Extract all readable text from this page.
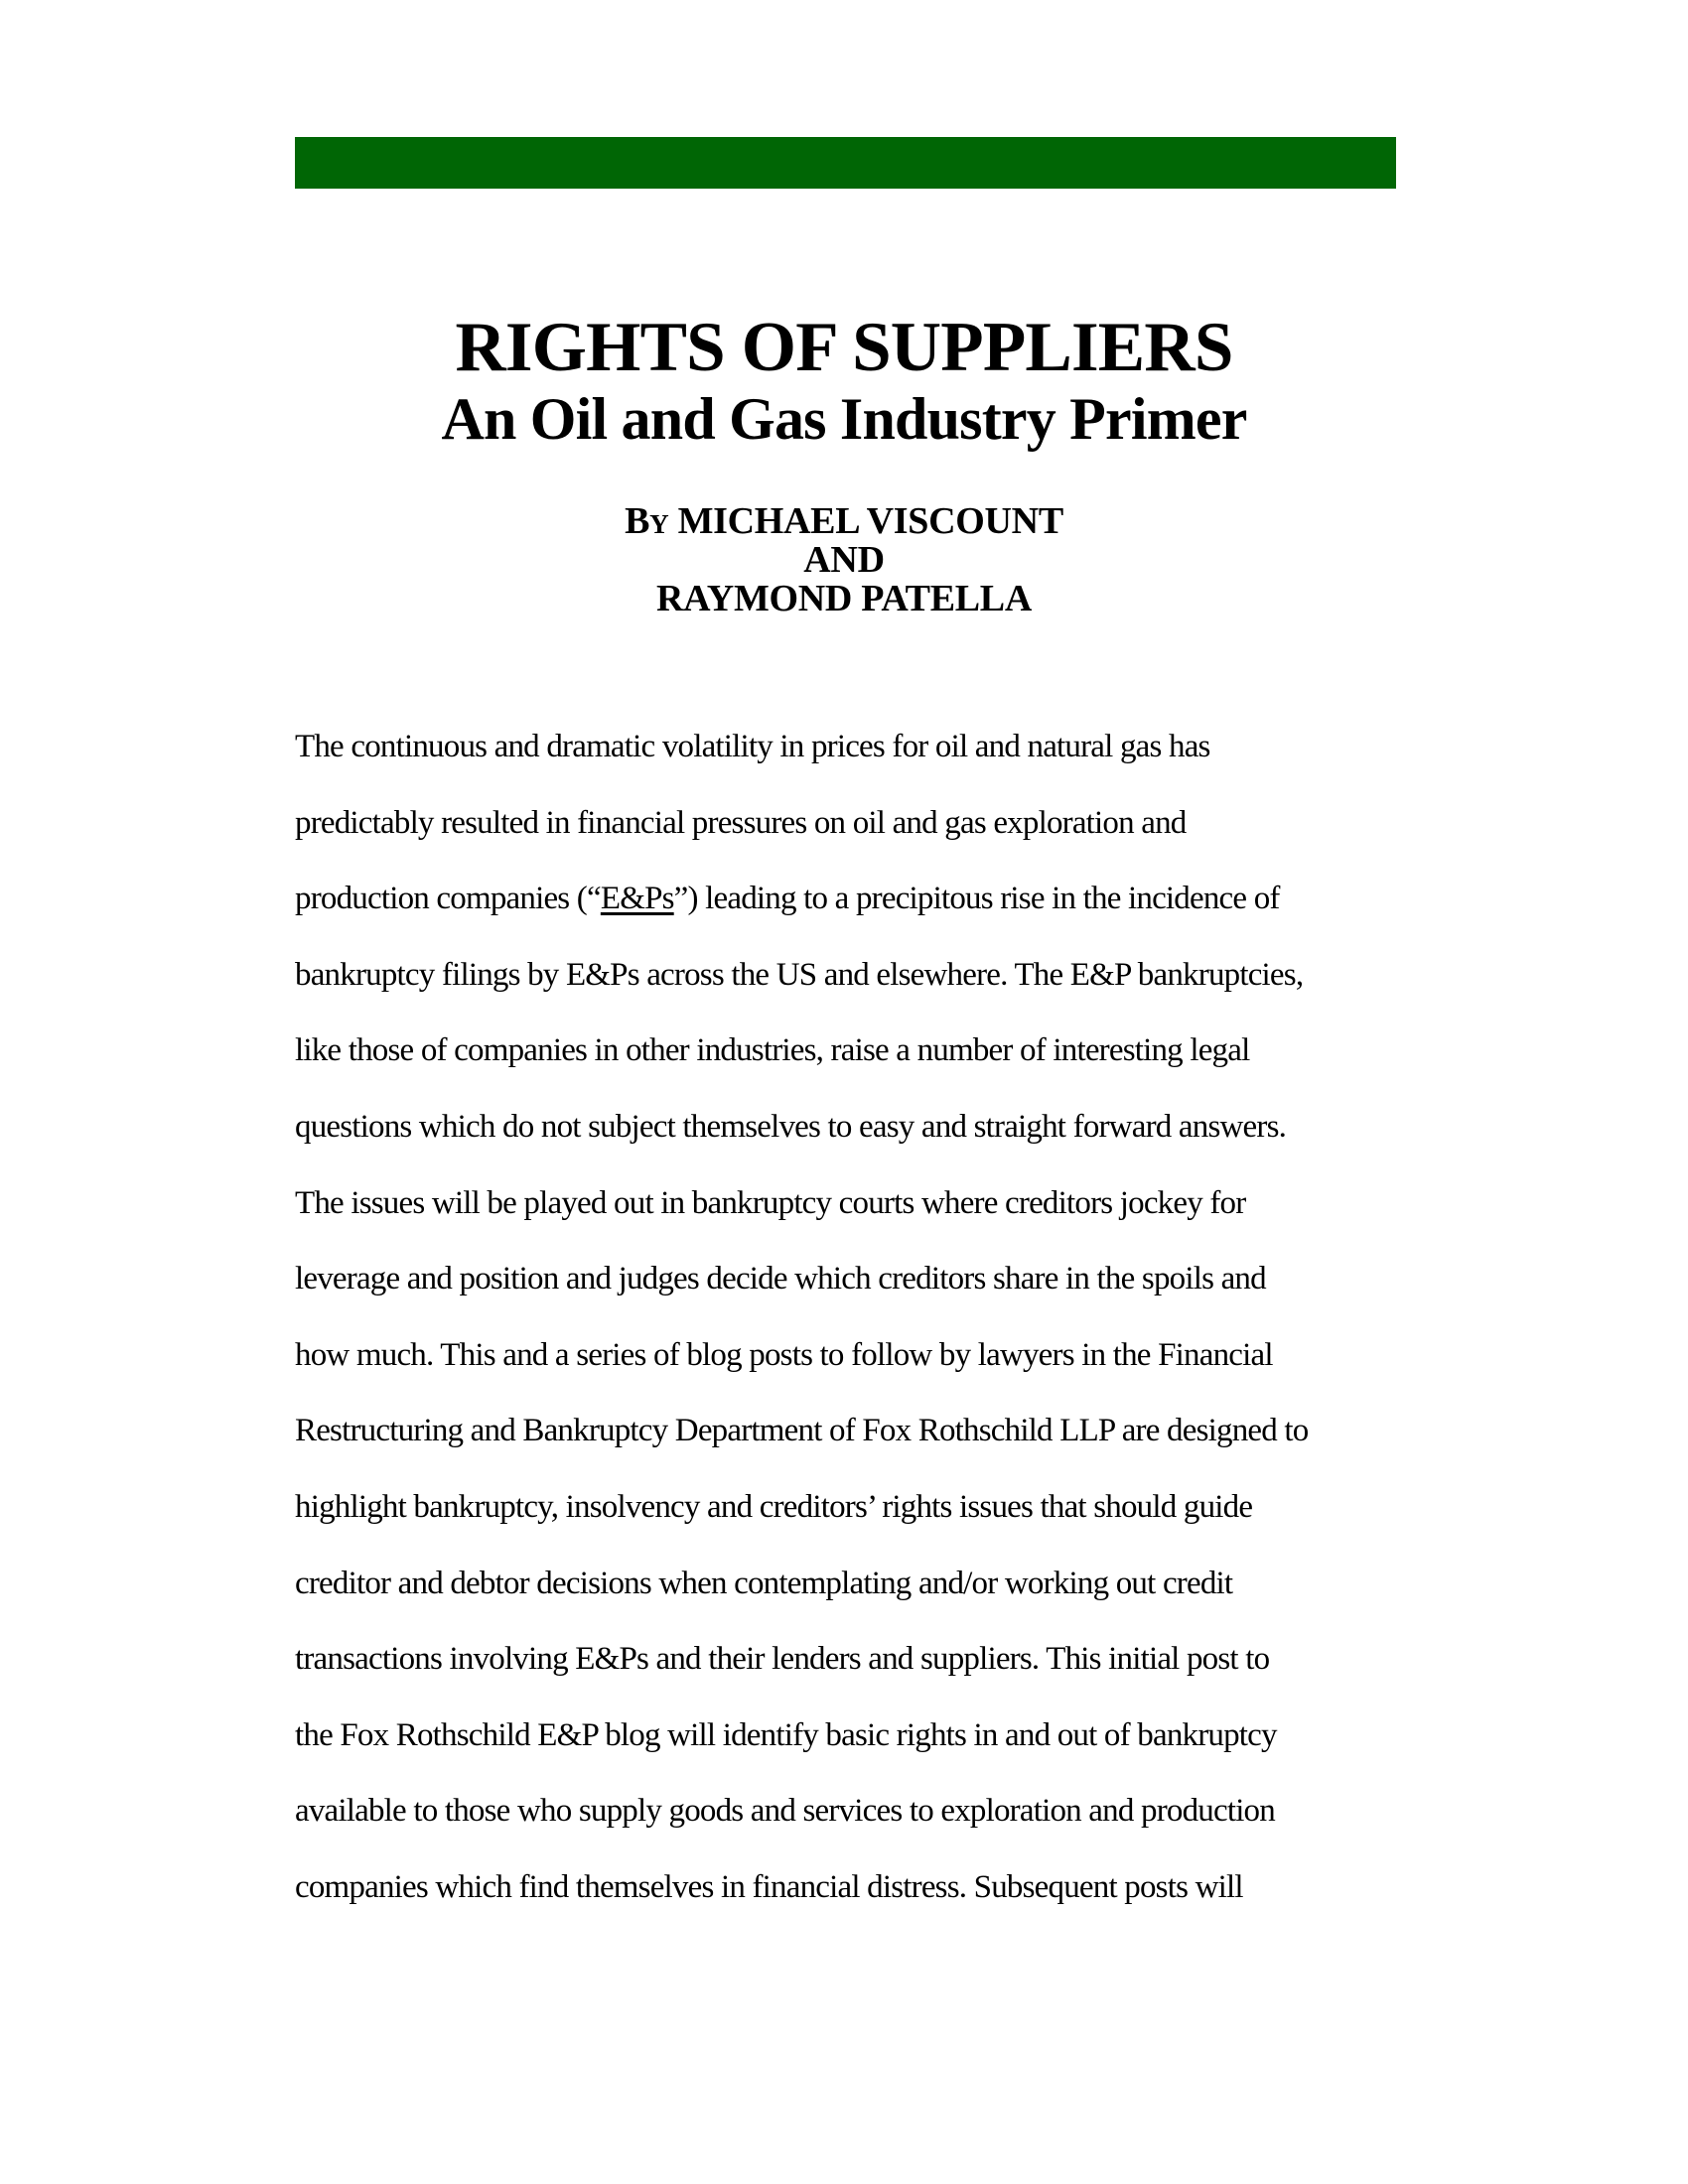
RIGHTS OF SUPPLIERS
An Oil and Gas Industry Primer
By MICHAEL VISCOUNT
AND
RAYMOND PATELLA
The continuous and dramatic volatility in prices for oil and natural gas has
predictably resulted in financial pressures on oil and gas exploration and
production companies (“E&Ps”) leading to a precipitous rise in the incidence of
bankruptcy filings by E&Ps across the US and elsewhere. The E&P bankruptcies,
like those of companies in other industries, raise a number of interesting legal
questions which do not subject themselves to easy and straight forward answers.
The issues will be played out in bankruptcy courts where creditors jockey for
leverage and position and judges decide which creditors share in the spoils and
how much. This and a series of blog posts to follow by lawyers in the Financial
Restructuring and Bankruptcy Department of Fox Rothschild LLP are designed to
highlight bankruptcy, insolvency and creditors’ rights issues that should guide
creditor and debtor decisions when contemplating and/or working out credit
transactions involving E&Ps and their lenders and suppliers. This initial post to
the Fox Rothschild E&P blog will identify basic rights in and out of bankruptcy
available to those who supply goods and services to exploration and production
companies which find themselves in financial distress. Subsequent posts will
